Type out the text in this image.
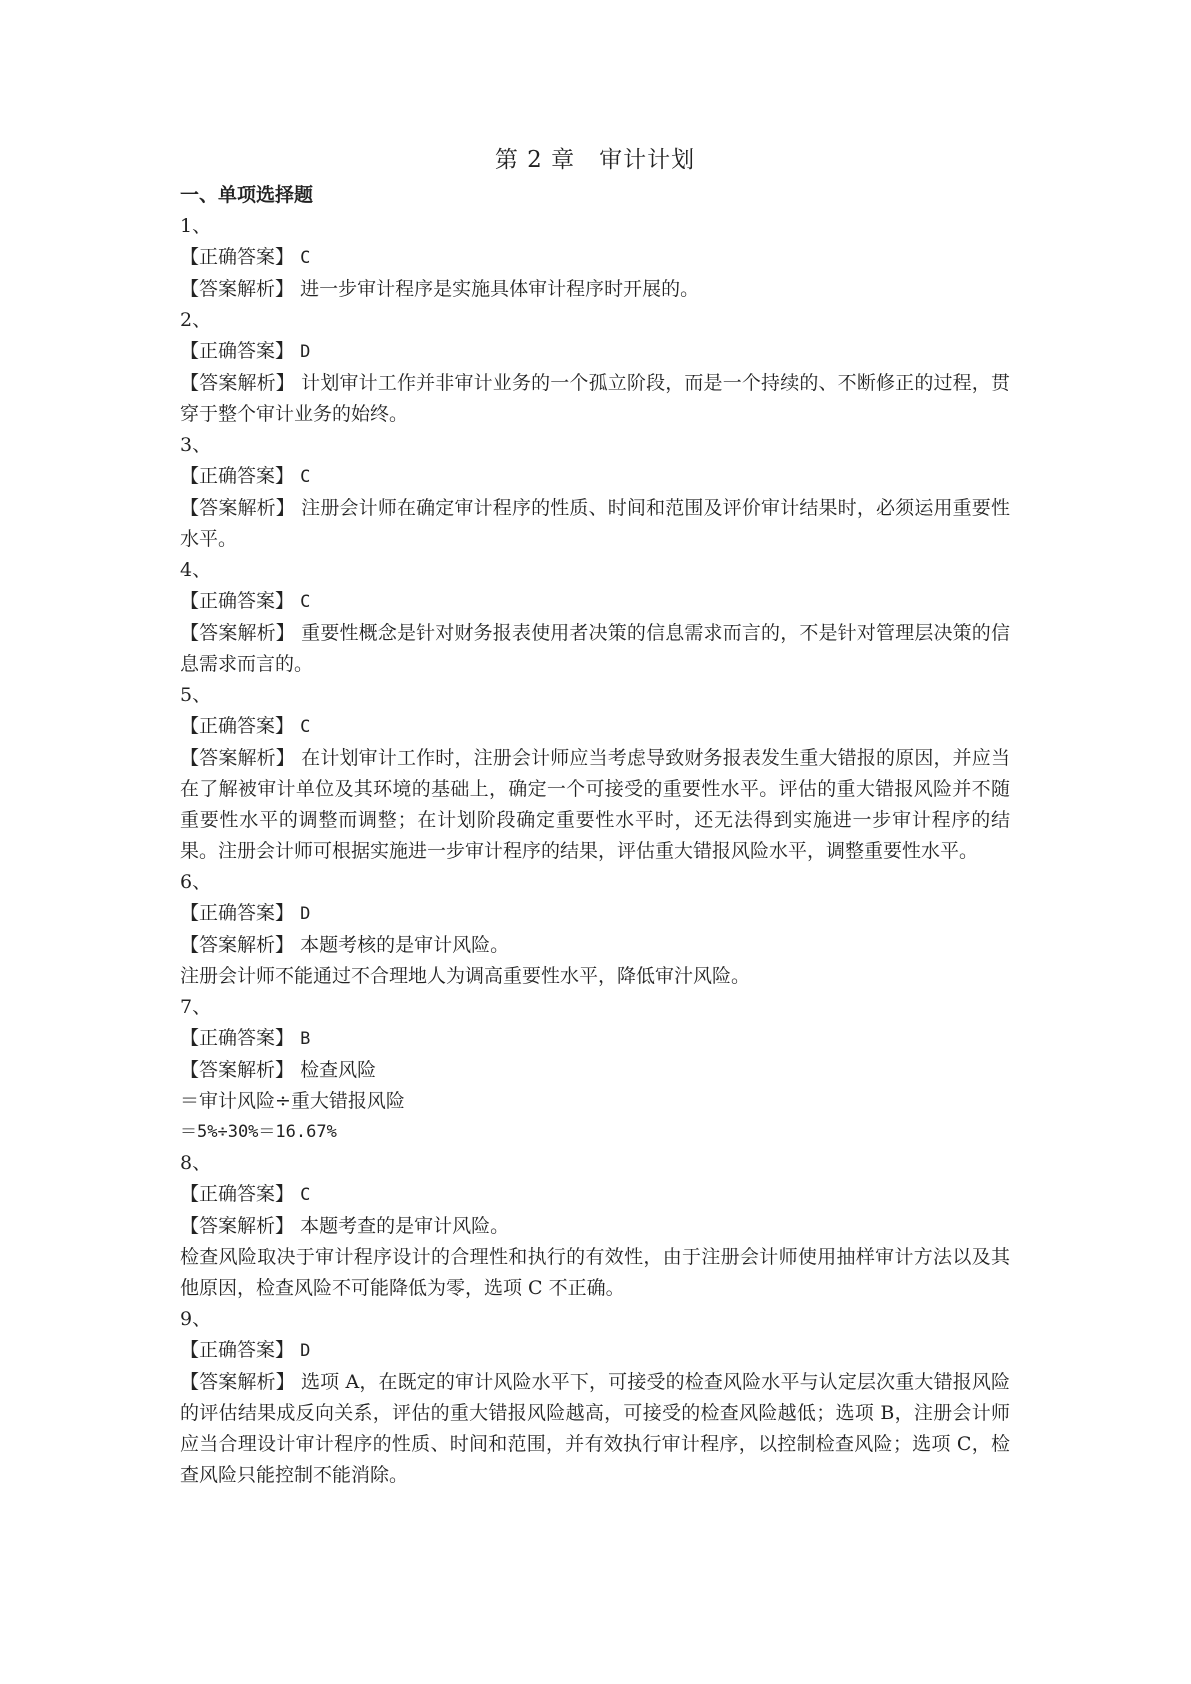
第 2 章　审计计划
一、单项选择题

1、

【正确答案】 C

【答案解析】 进一步审计程序是实施具体审计程序时开展的。

2、

【正确答案】 D

【答案解析】 计划审计工作并非审计业务的一个孤立阶段，而是一个持续的、不断修正的过程，贯穿于整个审计业务的始终。

3、

【正确答案】 C

【答案解析】 注册会计师在确定审计程序的性质、时间和范围及评价审计结果时，必须运用重要性水平。

4、

【正确答案】 C

【答案解析】 重要性概念是针对财务报表使用者决策的信息需求而言的，不是针对管理层决策的信息需求而言的。

5、

【正确答案】 C

【答案解析】 在计划审计工作时，注册会计师应当考虑导致财务报表发生重大错报的原因，并应当在了解被审计单位及其环境的基础上，确定一个可接受的重要性水平。评估的重大错报风险并不随重要性水平的调整而调整；在计划阶段确定重要性水平时，还无法得到实施进一步审计程序的结果。注册会计师可根据实施进一步审计程序的结果，评估重大错报风险水平，调整重要性水平。

6、

【正确答案】 D

【答案解析】 本题考核的是审计风险。

注册会计师不能通过不合理地人为调高重要性水平，降低审汁风险。

7、

【正确答案】 B

【答案解析】 检查风险

＝审计风险÷重大错报风险

＝5%÷30%＝16.67%

8、

【正确答案】 C

【答案解析】 本题考查的是审计风险。

检查风险取决于审计程序设计的合理性和执行的有效性，由于注册会计师使用抽样审计方法以及其他原因，检查风险不可能降低为零，选项 C 不正确。

9、

【正确答案】 D

【答案解析】 选项 A，在既定的审计风险水平下，可接受的检查风险水平与认定层次重大错报风险的评估结果成反向关系，评估的重大错报风险越高，可接受的检查风险越低；选项 B，注册会计师应当合理设计审计程序的性质、时间和范围，并有效执行审计程序，以控制检查风险；选项 C，检查风险只能控制不能消除。
